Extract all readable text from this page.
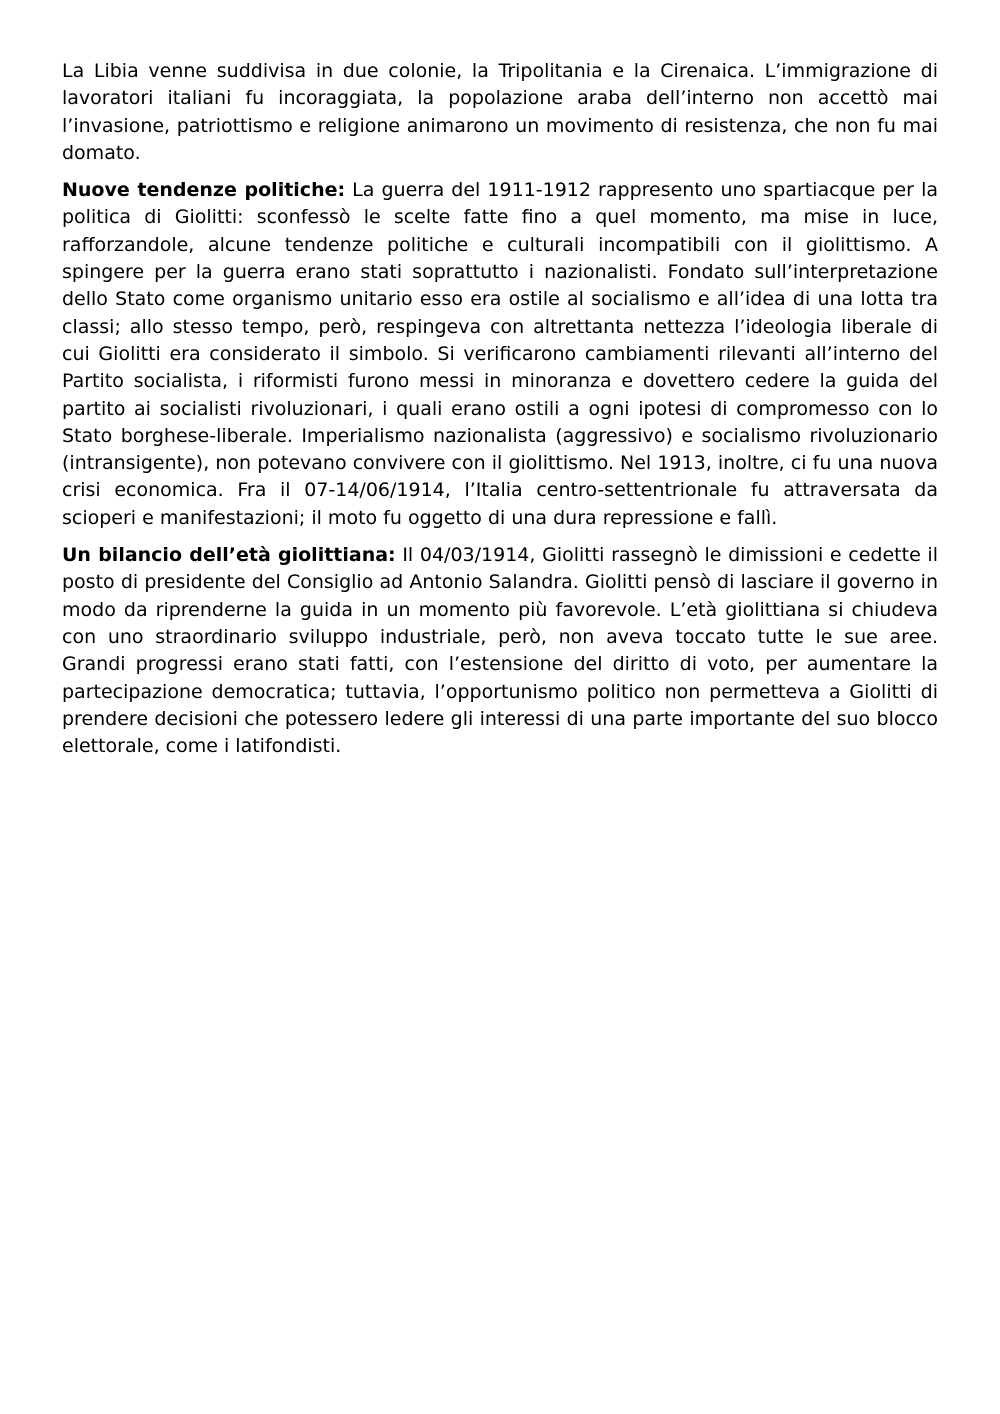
La Libia venne suddivisa in due colonie, la Tripolitania e la Cirenaica. L’immigrazione di lavoratori italiani fu incoraggiata, la popolazione araba dell’interno non accettò mai l’invasione, patriottismo e religione animarono un movimento di resistenza, che non fu mai domato.

Nuove tendenze politiche: La guerra del 1911-1912 rappresento uno spartiacque per la politica di Giolitti: sconfessò le scelte fatte fino a quel momento, ma mise in luce, rafforzandole, alcune tendenze politiche e culturali incompatibili con il giolittismo. A spingere per la guerra erano stati soprattutto i nazionalisti. Fondato sull’interpretazione dello Stato come organismo unitario esso era ostile al socialismo e all’idea di una lotta tra classi; allo stesso tempo, però, respingeva con altrettanta nettezza l’ideologia liberale di cui Giolitti era considerato il simbolo. Si verificarono cambiamenti rilevanti all’interno del Partito socialista, i riformisti furono messi in minoranza e dovettero cedere la guida del partito ai socialisti rivoluzionari, i quali erano ostili a ogni ipotesi di compromesso con lo Stato borghese-liberale. Imperialismo nazionalista (aggressivo) e socialismo rivoluzionario (intransigente), non potevano convivere con il giolittismo. Nel 1913, inoltre, ci fu una nuova crisi economica. Fra il 07-14/06/1914, l’Italia centro-settentrionale fu attraversata da scioperi e manifestazioni; il moto fu oggetto di una dura repressione e fallì.

Un bilancio dell’età giolittiana: Il 04/03/1914, Giolitti rassegnò le dimissioni e cedette il posto di presidente del Consiglio ad Antonio Salandra. Giolitti pensò di lasciare il governo in modo da riprenderne la guida in un momento più favorevole. L’età giolittiana si chiudeva con uno straordinario sviluppo industriale, però, non aveva toccato tutte le sue aree. Grandi progressi erano stati fatti, con l’estensione del diritto di voto, per aumentare la partecipazione democratica; tuttavia, l’opportunismo politico non permetteva a Giolitti di prendere decisioni che potessero ledere gli interessi di una parte importante del suo blocco elettorale, come i latifondisti.
